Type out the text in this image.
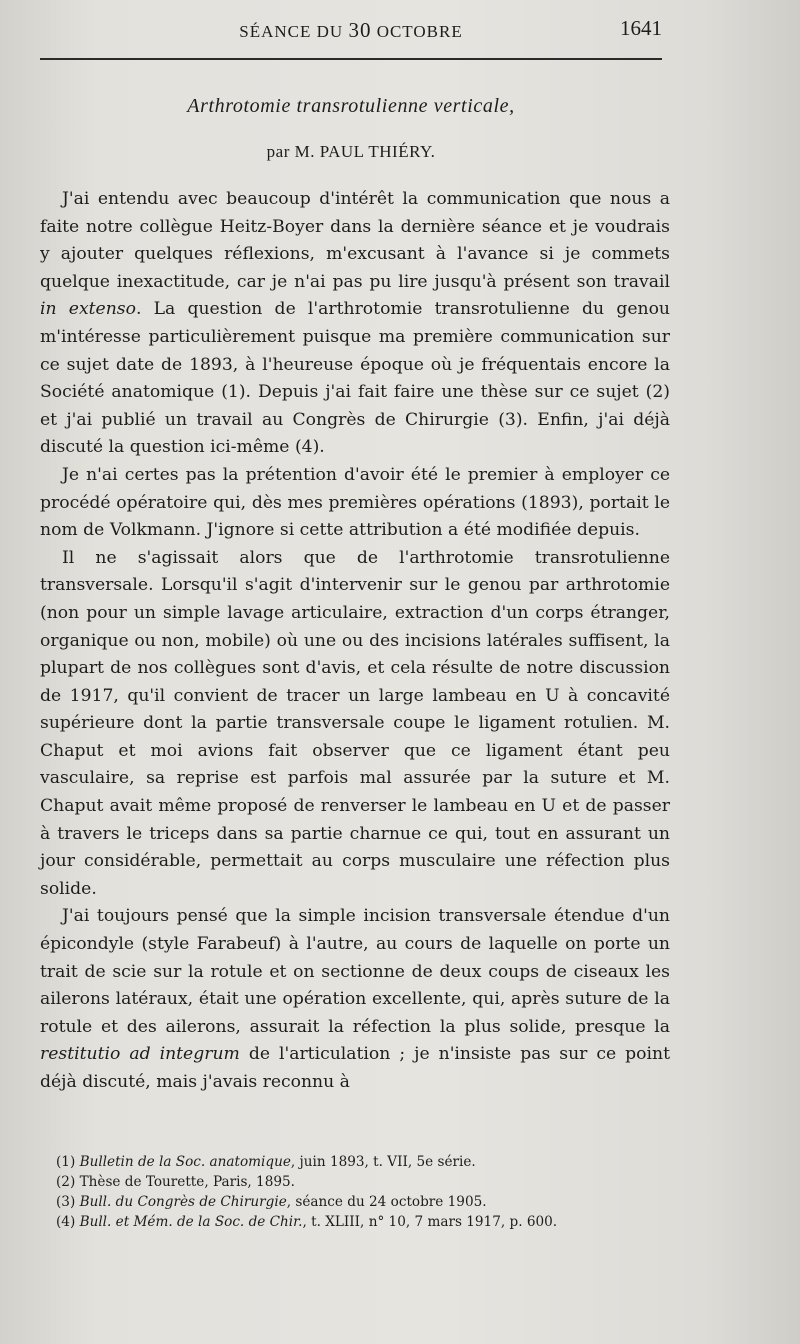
SÉANCE DU 30 OCTOBRE	1641
Arthrotomie transrotulienne verticale,
par M. PAUL THIÉRY.

J'ai entendu avec beaucoup d'intérêt la communication que nous a faite notre collègue Heitz-Boyer dans la dernière séance et je voudrais y ajouter quelques réflexions, m'excusant à l'avance si je commets quelque inexactitude, car je n'ai pas pu lire jusqu'à présent son travail in extenso. La question de l'arthrotomie transrotulienne du genou m'intéresse particulièrement puisque ma première communication sur ce sujet date de 1893, à l'heureuse époque où je fréquentais encore la Société anatomique (1). Depuis j'ai fait faire une thèse sur ce sujet (2) et j'ai publié un travail au Congrès de Chirurgie (3). Enfin, j'ai déjà discuté la question ici-même (4).

Je n'ai certes pas la prétention d'avoir été le premier à employer ce procédé opératoire qui, dès mes premières opérations (1893), portait le nom de Volkmann. J'ignore si cette attribution a été modifiée depuis.

Il ne s'agissait alors que de l'arthrotomie transrotulienne transversale. Lorsqu'il s'agit d'intervenir sur le genou par arthrotomie (non pour un simple lavage articulaire, extraction d'un corps étranger, organique ou non, mobile) où une ou des incisions latérales suffisent, la plupart de nos collègues sont d'avis, et cela résulte de notre discussion de 1917, qu'il convient de tracer un large lambeau en U à concavité supérieure dont la partie transversale coupe le ligament rotulien. M. Chaput et moi avions fait observer que ce ligament étant peu vasculaire, sa reprise est parfois mal assurée par la suture et M. Chaput avait même proposé de renverser le lambeau en U et de passer à travers le triceps dans sa partie charnue ce qui, tout en assurant un jour considérable, permettait au corps musculaire une réfection plus solide.

J'ai toujours pensé que la simple incision transversale étendue d'un épicondyle (style Farabeuf) à l'autre, au cours de laquelle on porte un trait de scie sur la rotule et on sectionne de deux coups de ciseaux les ailerons latéraux, était une opération excellente, qui, après suture de la rotule et des ailerons, assurait la réfection la plus solide, presque la restitutio ad integrum de l'articulation ; je n'insiste pas sur ce point déjà discuté, mais j'avais reconnu à

(1) Bulletin de la Soc. anatomique, juin 1893, t. VII, 5e série.
(2) Thèse de Tourette, Paris, 1895.
(3) Bull. du Congrès de Chirurgie, séance du 24 octobre 1905.
(4) Bull. et Mém. de la Soc. de Chir., t. XLIII, n° 10, 7 mars 1917, p. 600.
